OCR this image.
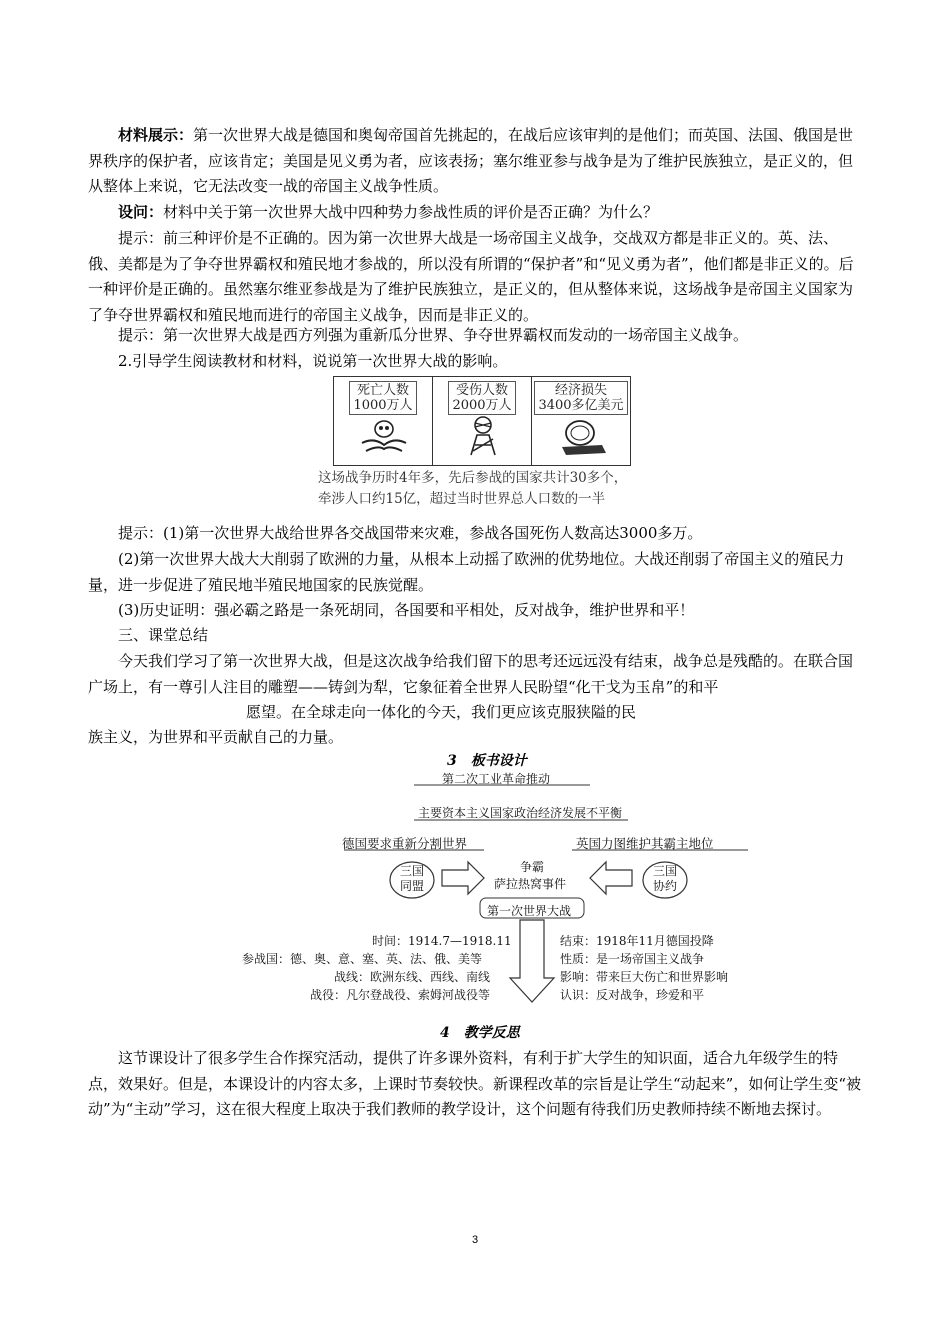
材料展示：第一次世界大战是德国和奥匈帝国首先挑起的，在战后应该审判的是他们；而英国、法国、俄国是世界秩序的保护者，应该肯定；美国是见义勇为者，应该表扬；塞尔维亚参与战争是为了维护民族独立，是正义的，但从整体上来说，它无法改变一战的帝国主义战争性质。

设问：材料中关于第一次世界大战中四种势力参战性质的评价是否正确？为什么？

提示：前三种评价是不正确的。因为第一次世界大战是一场帝国主义战争，交战双方都是非正义的。英、法、俄、美都是为了争夺世界霸权和殖民地才参战的，所以没有所谓的“保护者”和“见义勇为者”，他们都是非正义的。后一种评价是正确的。虽然塞尔维亚参战是为了维护民族独立，是正义的，但从整体来说，这场战争是帝国主义国家为了争夺世界霸权和殖民地而进行的帝国主义战争，因而是非正义的。

提示：第一次世界大战是西方列强为重新瓜分世界、争夺世界霸权而发动的一场帝国主义战争。

2.引导学生阅读教材和材料，说说第一次世界大战的影响。

死亡人数
1000万人
受伤人数
2000万人
经济损失
3400多亿美元
这场战争历时4年多，先后参战的国家共计30多个，
牵涉人口约15亿，超过当时世界总人口数的一半

提示：(1)第一次世界大战给世界各交战国带来灾难，参战各国死伤人数高达3000多万。

(2)第一次世界大战大大削弱了欧洲的力量，从根本上动摇了欧洲的优势地位。大战还削弱了帝国主义的殖民力量，进一步促进了殖民地半殖民地国家的民族觉醒。

(3)历史证明：强必霸之路是一条死胡同，各国要和平相处，反对战争，维护世界和平！

三、课堂总结

今天我们学习了第一次世界大战，但是这次战争给我们留下的思考还远远没有结束，战争总是残酷的。在联合国广场上，有一尊引人注目的雕塑——铸剑为犁，它象征着全世界人民盼望“化干戈为玉帛”的和平

愿望。在全球走向一体化的今天，我们更应该克服狭隘的民

族主义，为世界和平贡献自己的力量。

3　板书设计
第二次工业革命推动
主要资本主义国家政治经济发展不平衡
德国要求重新分割世界	英国力图维护其霸主地位
三国
同盟
三国
协约
争霸
萨拉热窝事件
第一次世界大战
时间：1914.7—1918.11
参战国：德、奥、意、塞、英、法、俄、美等
战线：欧洲东线、西线、南线
战役：凡尔登战役、索姆河战役等
结束：1918年11月德国投降
性质：是一场帝国主义战争
影响：带来巨大伤亡和世界影响
认识：反对战争，珍爱和平
4　教学反思

这节课设计了很多学生合作探究活动，提供了许多课外资料，有利于扩大学生的知识面，适合九年级学生的特点，效果好。但是，本课设计的内容太多，上课时节奏较快。新课程改革的宗旨是让学生“动起来”，如何让学生变“被动”为“主动”学习，这在很大程度上取决于我们教师的教学设计，这个问题有待我们历史教师持续不断地去探讨。

3
